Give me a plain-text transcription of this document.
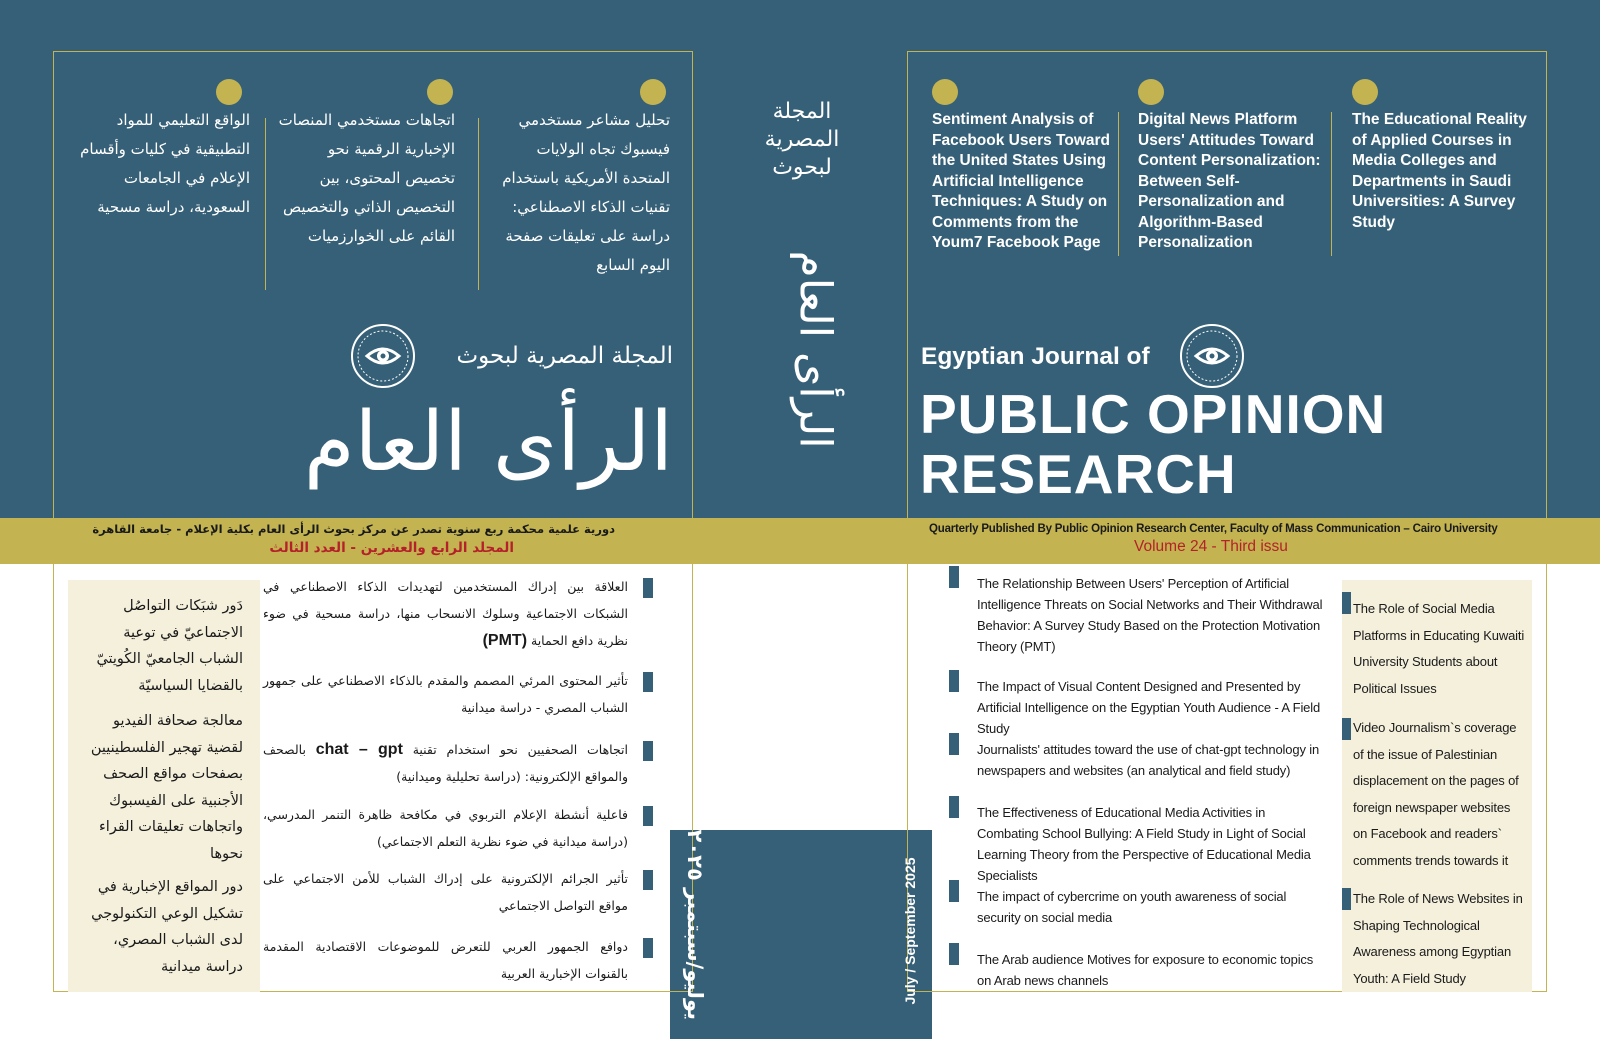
تحليل مشاعر مستخدمي فيسبوك تجاه الولايات المتحدة الأمريكية باستخدام تقنيات الذكاء الاصطناعي: دراسة على تعليقات صفحة اليوم السابع
اتجاهات مستخدمي المنصات الإخبارية الرقمية نحو تخصيص المحتوى، بين التخصيص الذاتي والتخصيص القائم على الخوارزميات
الواقع التعليمي للمواد التطبيقية في كليات وأقسام الإعلام في الجامعات السعودية، دراسة مسحية
المجلة المصرية لبحوث
الرأى العام
المجلة المصرية لبحوث
الرأى العام
Sentiment Analysis of Facebook Users Toward the United States Using Artificial Intelligence Techniques: A Study on Comments from the Youm7 Facebook Page
Digital News Platform Users' Attitudes Toward Content Personalization: Between Self-Personalization and Algorithm-Based Personalization
The Educational Reality of Applied Courses in Media Colleges and Departments in Saudi Universities: A Survey Study
Egyptian Journal of
PUBLIC OPINION
RESEARCH
دورية علمية محكمة ربع سنوية تصدر عن مركز بحوث الرأى العام بكلية الإعلام - جامعة القاهرة
المجلد الرابع والعشرين - العدد الثالث
Quarterly Published By Public Opinion Research Center, Faculty of Mass Communication – Cairo University
Volume 24 - Third issu
دَور شبَكات التواصُل الاجتماعيّ في توعية الشباب الجامعيّ الكُويتيّ بالقضايا السياسيّة
معالجة صحافة الفيديو لقضية تهجير الفلسطينيين بصفحات مواقع الصحف الأجنبية على الفيسبوك واتجاهات تعليقات القراء نحوها
دور المواقع الإخبارية في تشكيل الوعي التكنولوجي لدى الشباب المصري، دراسة ميدانية
العلاقة بين إدراك المستخدمين لتهديدات الذكاء الاصطناعي في الشبكات الاجتماعية وسلوك الانسحاب منها، دراسة مسحية في ضوء نظرية دافع الحماية (PMT)
تأثير المحتوى المرئي المصمم والمقدم بالذكاء الاصطناعي على جمهور الشباب المصري - دراسة ميدانية
اتجاهات الصحفيين نحو استخدام تقنية chat – gpt بالصحف والمواقع الإلكترونية: (دراسة تحليلية وميدانية)
فاعلية أنشطة الإعلام التربوي في مكافحة ظاهرة التنمر المدرسي، (دراسة ميدانية في ضوء نظرية التعلم الاجتماعي)
تأثير الجرائم الإلكترونية على إدراك الشباب للأمن الاجتماعي على مواقع التواصل الاجتماعي
دوافع الجمهور العربي للتعرض للموضوعات الاقتصادية المقدمة بالقنوات الإخبارية العربية
يوليو/سبتمبر ٢٠٢٥	July / September 2025
The Relationship Between Users' Perception of Artificial Intelligence Threats on Social Networks and Their Withdrawal Behavior: A Survey Study Based on the Protection Motivation Theory (PMT)
The Impact of Visual Content Designed and Presented by Artificial Intelligence on the Egyptian Youth Audience - A Field Study
Journalists' attitudes toward the use of chat-gpt technology in newspapers and websites (an analytical and field study)
The Effectiveness of Educational Media Activities in Combating School Bullying: A Field Study in Light of Social Learning Theory from the Perspective of Educational Media Specialists
The impact of cybercrime on youth awareness of social security on social media
The Arab audience Motives for exposure to economic topics on Arab news channels
The Role of Social Media Platforms in Educating Kuwaiti University Students about Political Issues
Video Journalism`s coverage of the issue of Palestinian displacement on the pages of foreign newspaper websites on Facebook and readers` comments trends towards it
The Role of News Websites in Shaping Technological Awareness among Egyptian Youth: A Field Study
